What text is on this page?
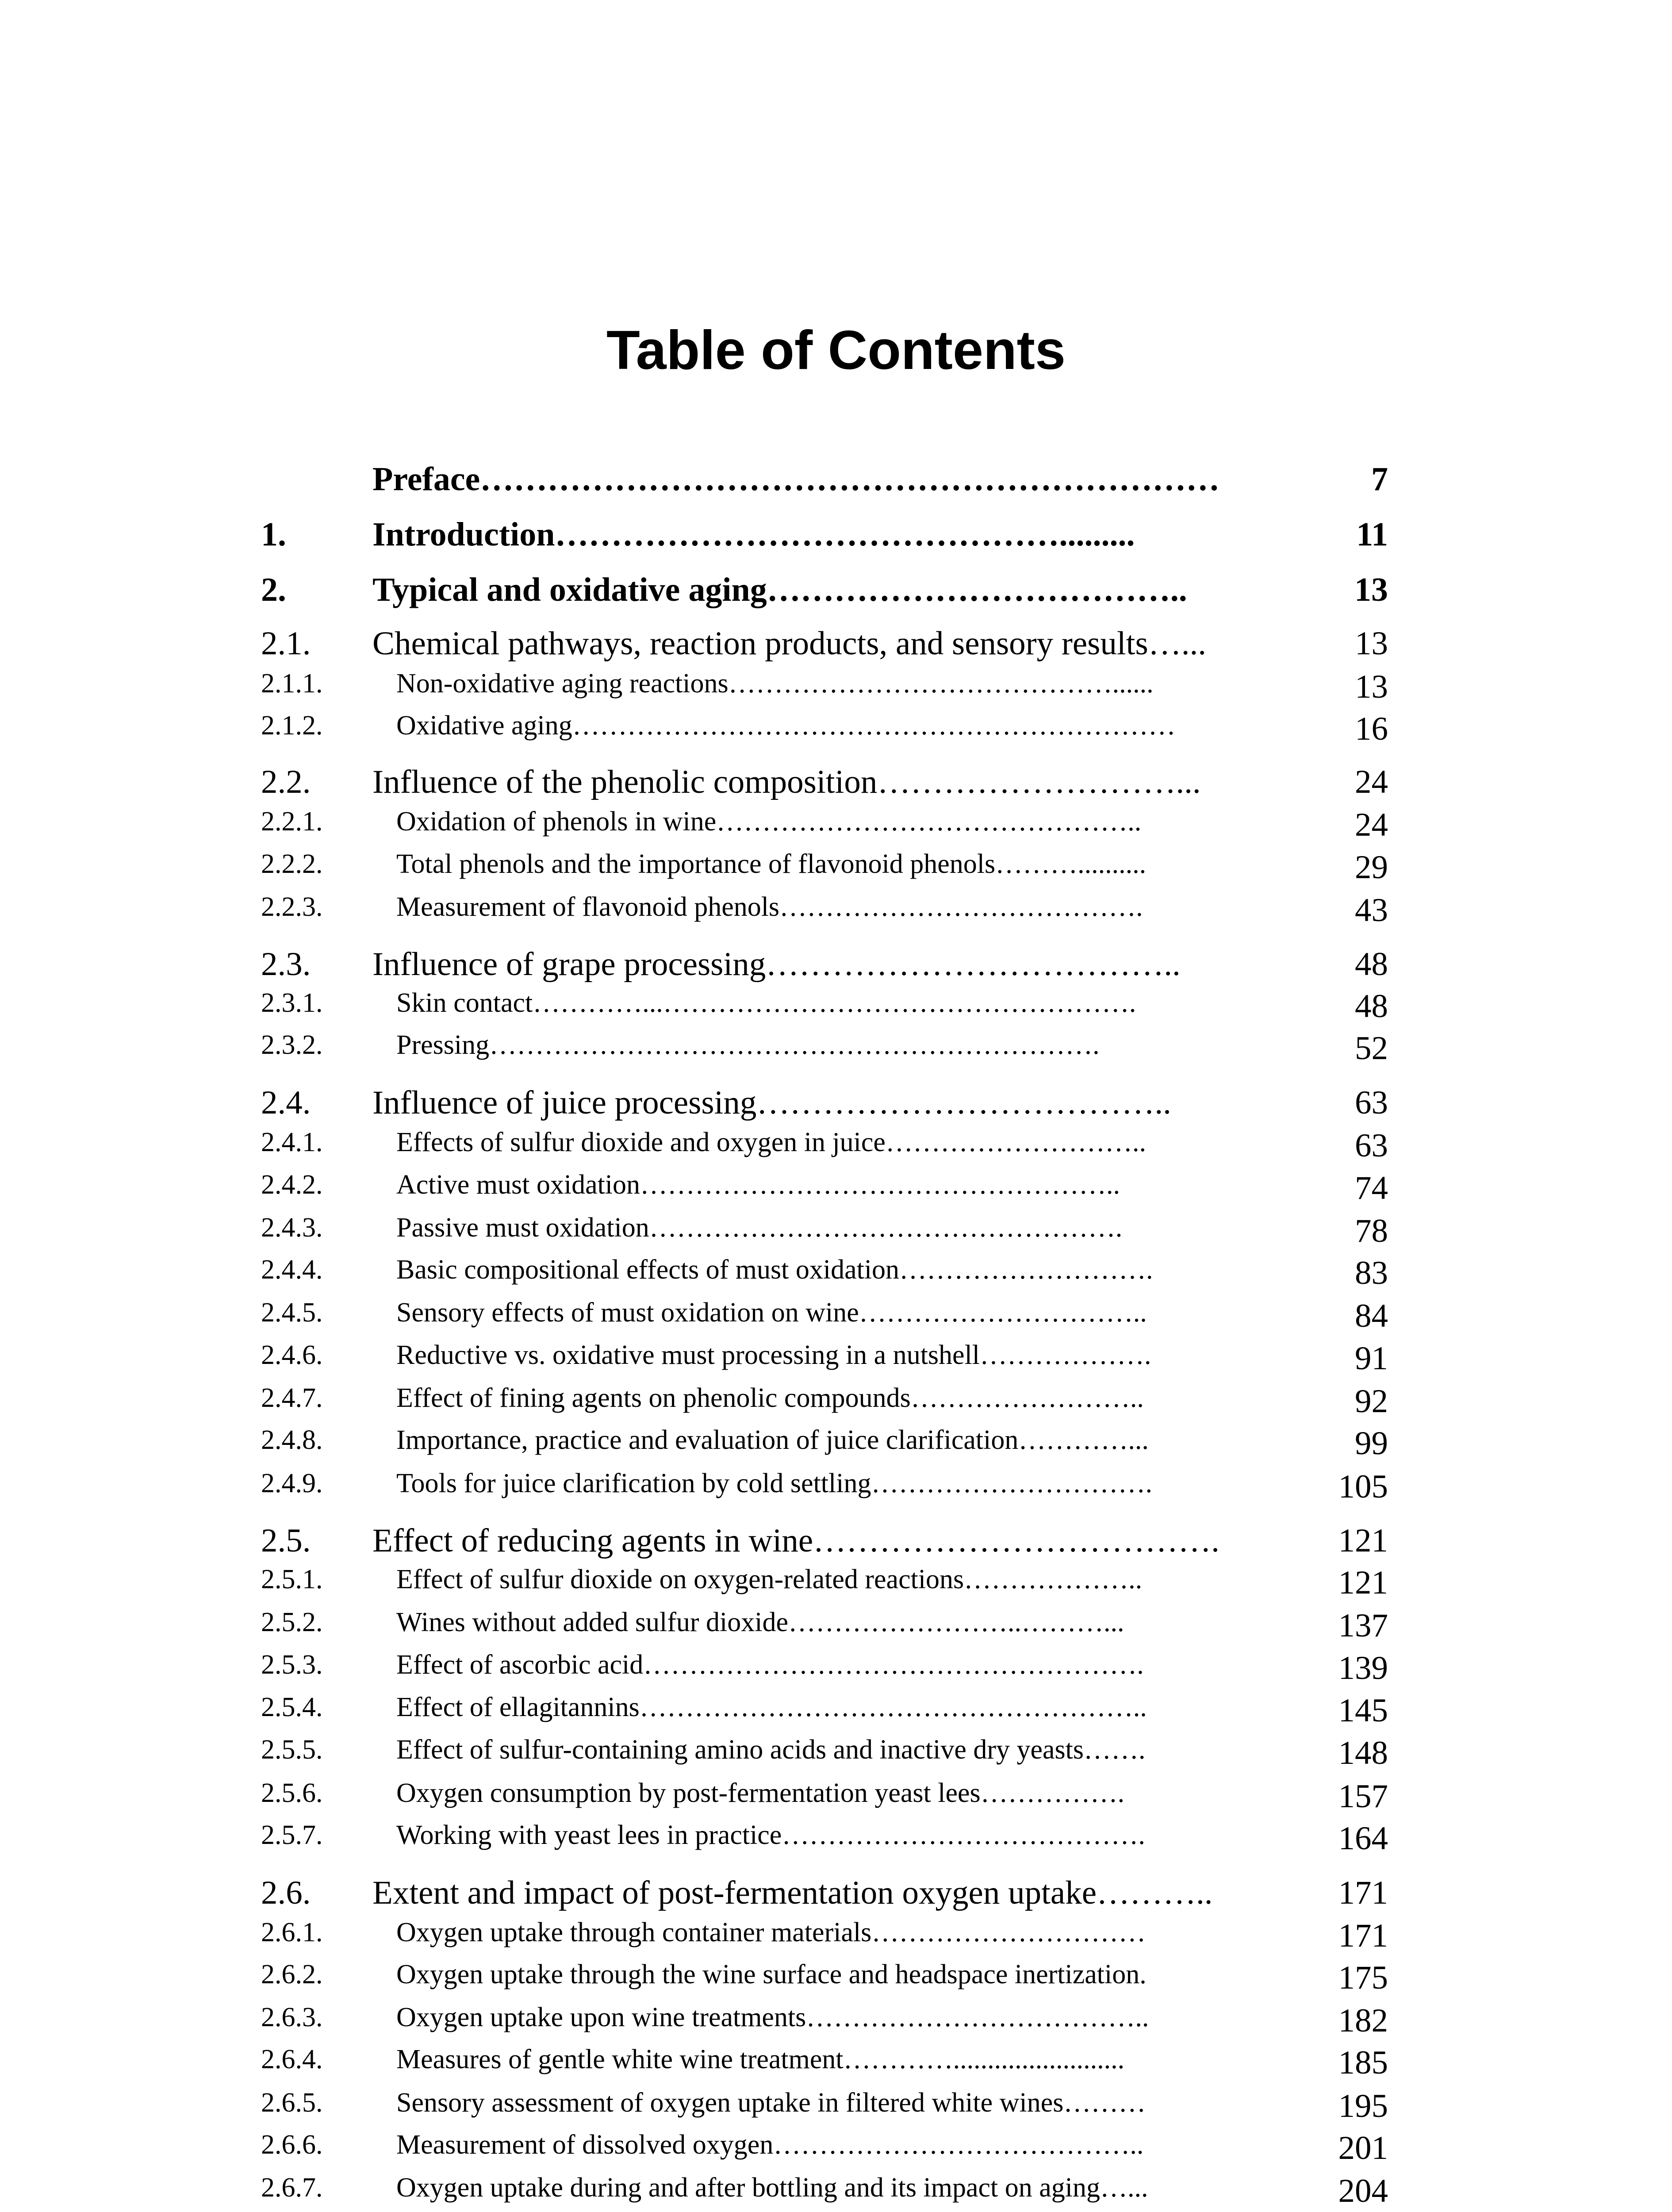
Table of Contents
Preface…………………………………………………………	7
1.	Introduction……………………………………….........	11
2.	Typical and oxidative aging………………………………..	13
2.1. Chemical pathways, reaction products, and sensory results…...	13
2.1.1.	Non-oxidative aging reactions……………………………………......	13
2.1.2.	Oxidative aging…………………………………………………………	16
2.2. Influence of the phenolic composition………………………...	24
2.2.1.	Oxidation of phenols in wine………………………………………..	24
2.2.2.	Total phenols and the importance of flavonoid phenols………..........	29
2.2.3.	Measurement of flavonoid phenols………………………………….	43
2.3. Influence of grape processing………………………………..	48
2.3.1.	Skin contact…………...…………………………………………….	48
2.3.2.	Pressing………………………………………………………….	52
2.4. Influence of juice processing………………………………..	63
2.4.1.	Effects of sulfur dioxide and oxygen in juice………………………..	63
2.4.2.	Active must oxidation……………………………………………..	74
2.4.3.	Passive must oxidation…………………………………………….	78
2.4.4.	Basic compositional effects of must oxidation……………………….	83
2.4.5.	Sensory effects of must oxidation on wine…………………………..	84
2.4.6.	Reductive vs. oxidative must processing in a nutshell……………….	91
2.4.7.	Effect of fining agents on phenolic compounds……………………..	92
2.4.8.	Importance, practice and evaluation of juice clarification…………...	99
2.4.9.	Tools for juice clarification by cold settling………………………….	105
2.5. Effect of reducing agents in wine……………………………….	121
2.5.1.	Effect of sulfur dioxide on oxygen-related reactions………………..	121
2.5.2.	Wines without added sulfur dioxide……………………..………...	137
2.5.3.	Effect of ascorbic acid……………………………………………….	139
2.5.4.	Effect of ellagitannins………………………………………………..	145
2.5.5.	Effect of sulfur-containing amino acids and inactive dry yeasts…….	148
2.5.6.	Oxygen consumption by post-fermentation yeast lees…………….	157
2.5.7.	Working with yeast lees in practice………………………………….	164
2.6. Extent and impact of post-fermentation oxygen uptake………..	171
2.6.1.	Oxygen uptake through container materials…………………………	171
2.6.2.	Oxygen uptake through the wine surface and headspace inertization.	175
2.6.3.	Oxygen uptake upon wine treatments………………………………..	182
2.6.4.	Measures of gentle white wine treatment………….........................	185
2.6.5.	Sensory assessment of oxygen uptake in filtered white wines………	195
2.6.6.	Measurement of dissolved oxygen…………………………………..	201
2.6.7.	Oxygen uptake during and after bottling and its impact on aging…...	204
